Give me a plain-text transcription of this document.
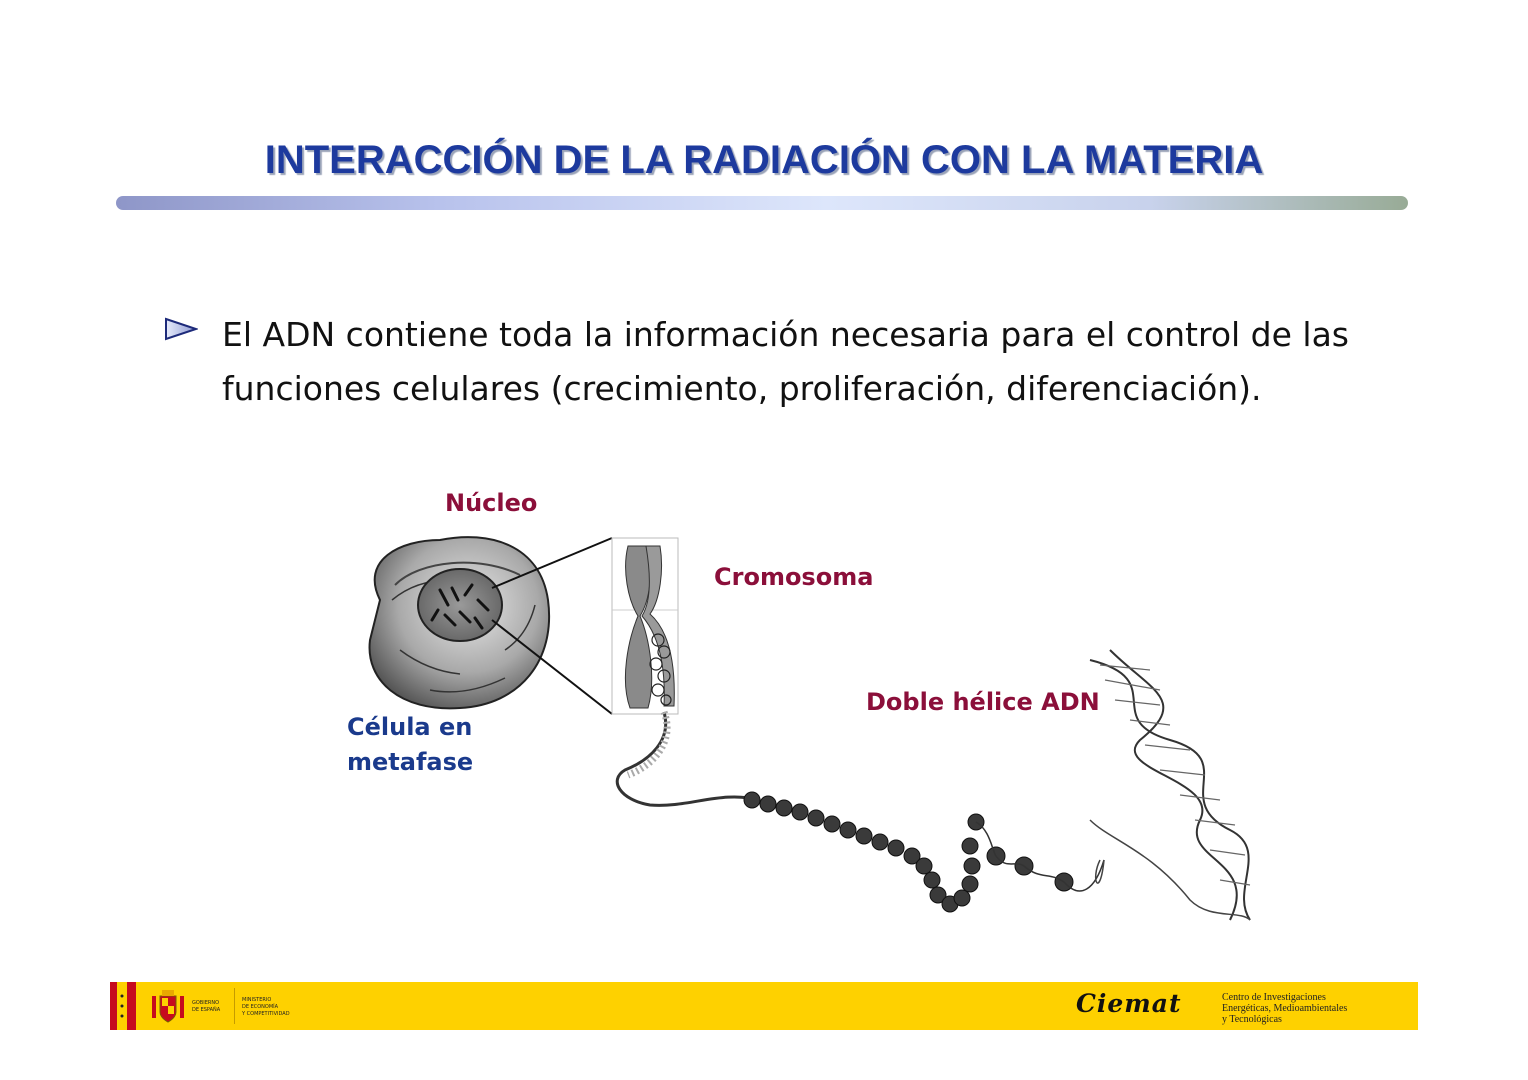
INTERACCIÓN DE LA RADIACIÓN CON LA MATERIA
El ADN contiene toda la información necesaria para el control de las funciones celulares (crecimiento, proliferación, diferenciación).
Núcleo
Cromosoma
Doble hélice ADN
Célula en
metafase
GOBIERNO
DE ESPAÑA
MINISTERIO
DE ECONOMÍA
Y COMPETITIVIDAD	Ciemat	Centro de Investigaciones
Energéticas, Medioambientales
y Tecnológicas
